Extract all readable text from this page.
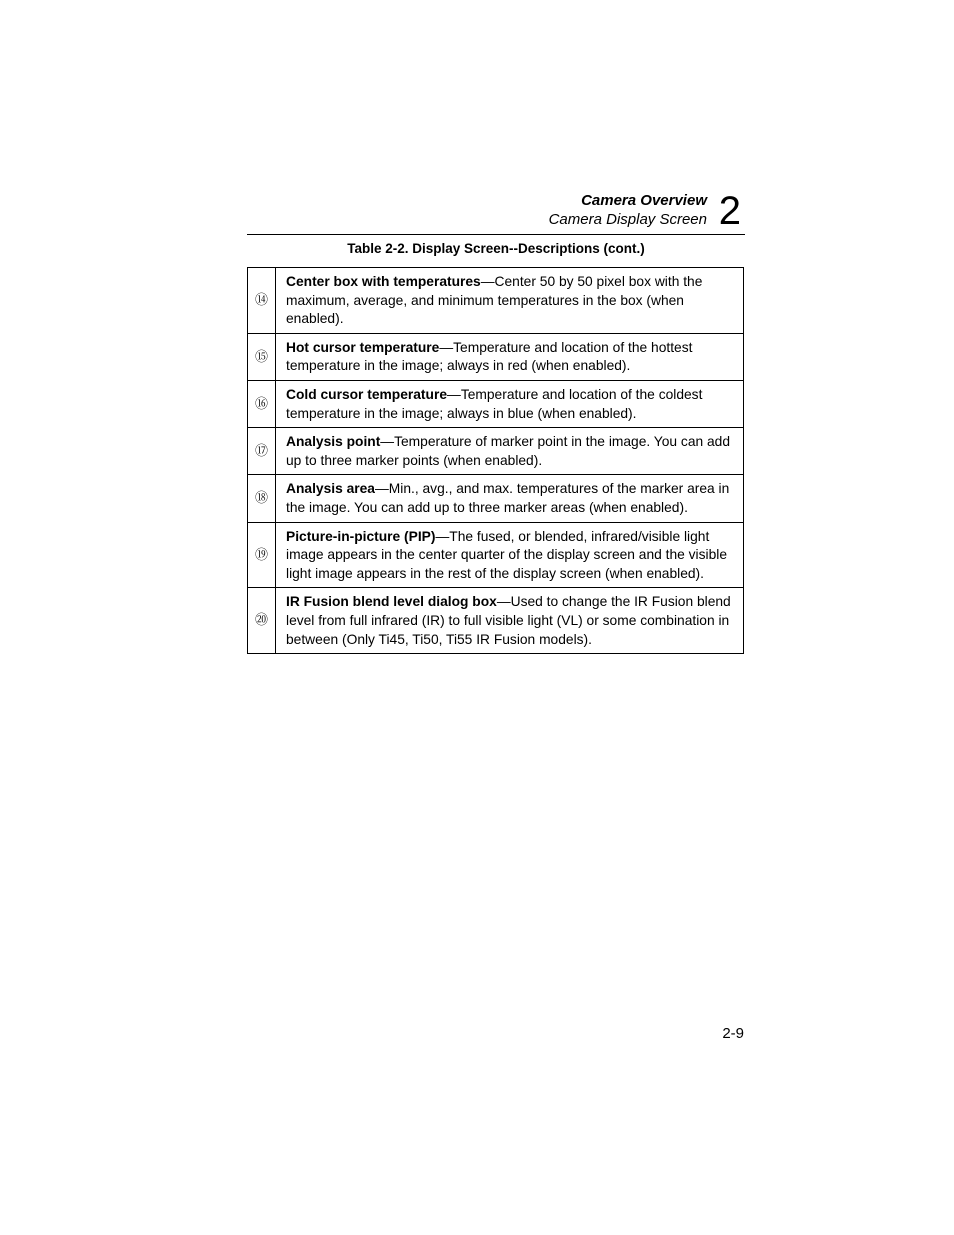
Camera Overview
Camera Display Screen 2
Table 2-2. Display Screen--Descriptions (cont.)
⑭	Center box with temperatures—Center 50 by 50 pixel box with the maximum, average, and minimum temperatures in the box (when enabled).
⑮	Hot cursor temperature—Temperature and location of the hottest temperature in the image; always in red (when enabled).
⑯	Cold cursor temperature—Temperature and location of the coldest temperature in the image; always in blue (when enabled).
⑰	Analysis point—Temperature of marker point in the image. You can add up to three marker points (when enabled).
⑱	Analysis area—Min., avg., and max. temperatures of the marker area in the image. You can add up to three marker areas (when enabled).
⑲	Picture-in-picture (PIP)—The fused, or blended, infrared/visible light image appears in the center quarter of the display screen and the visible light image appears in the rest of the display screen (when enabled).
⑳	IR Fusion blend level dialog box—Used to change the IR Fusion blend level from full infrared (IR) to full visible light (VL) or some combination in between (Only Ti45, Ti50, Ti55 IR Fusion models).
2-9
